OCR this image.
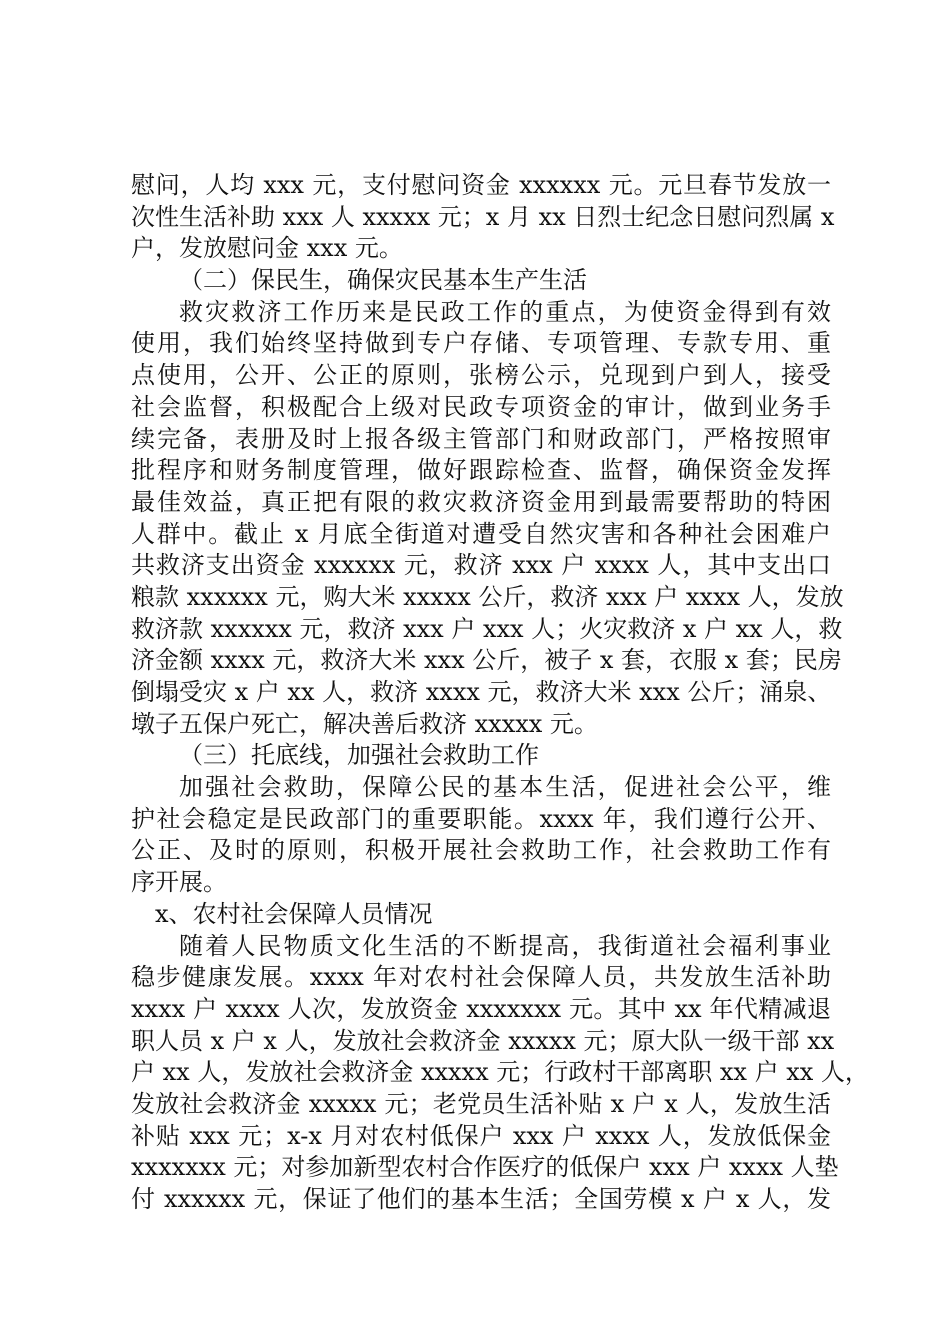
慰问，人均 xxx 元，支付慰问资金 xxxxxx 元。元旦春节发放一
次性生活补助 xxx 人 xxxxx 元；x 月 xx 日烈士纪念日慰问烈属 x
户，发放慰问金 xxx 元。
（二）保民生，确保灾民基本生产生活
救灾救济工作历来是民政工作的重点，为使资金得到有效
使用，我们始终坚持做到专户存储、专项管理、专款专用、重
点使用，公开、公正的原则，张榜公示，兑现到户到人，接受
社会监督，积极配合上级对民政专项资金的审计，做到业务手
续完备，表册及时上报各级主管部门和财政部门，严格按照审
批程序和财务制度管理，做好跟踪检查、监督，确保资金发挥
最佳效益，真正把有限的救灾救济资金用到最需要帮助的特困
人群中。截止 x 月底全街道对遭受自然灾害和各种社会困难户
共救济支出资金 xxxxxx 元，救济 xxx 户 xxxx 人，其中支出口
粮款 xxxxxx 元，购大米 xxxxx 公斤，救济 xxx 户 xxxx 人，发放
救济款 xxxxxx 元，救济 xxx 户 xxx 人；火灾救济 x 户 xx 人，救
济金额 xxxx 元，救济大米 xxx 公斤，被子 x 套，衣服 x 套；民房
倒塌受灾 x 户 xx 人，救济 xxxx 元，救济大米 xxx 公斤；涌泉、
墩子五保户死亡，解决善后救济 xxxxx 元。
（三）托底线，加强社会救助工作
加强社会救助，保障公民的基本生活，促进社会公平，维
护社会稳定是民政部门的重要职能。xxxx 年，我们遵行公开、
公正、及时的原则，积极开展社会救助工作，社会救助工作有
序开展。
x、农村社会保障人员情况
随着人民物质文化生活的不断提高，我街道社会福利事业
稳步健康发展。xxxx 年对农村社会保障人员，共发放生活补助
xxxx 户 xxxx 人次，发放资金 xxxxxxx 元。其中 xx 年代精减退
职人员 x 户 x 人，发放社会救济金 xxxxx 元；原大队一级干部 xx
户 xx 人，发放社会救济金 xxxxx 元；行政村干部离职 xx 户 xx 人，
发放社会救济金 xxxxx 元；老党员生活补贴 x 户 x 人，发放生活
补贴 xxx 元；x-x 月对农村低保户 xxx 户 xxxx 人，发放低保金
xxxxxxx 元；对参加新型农村合作医疗的低保户 xxx 户 xxxx 人垫
付 xxxxxx 元，保证了他们的基本生活；全国劳模 x 户 x 人，发
